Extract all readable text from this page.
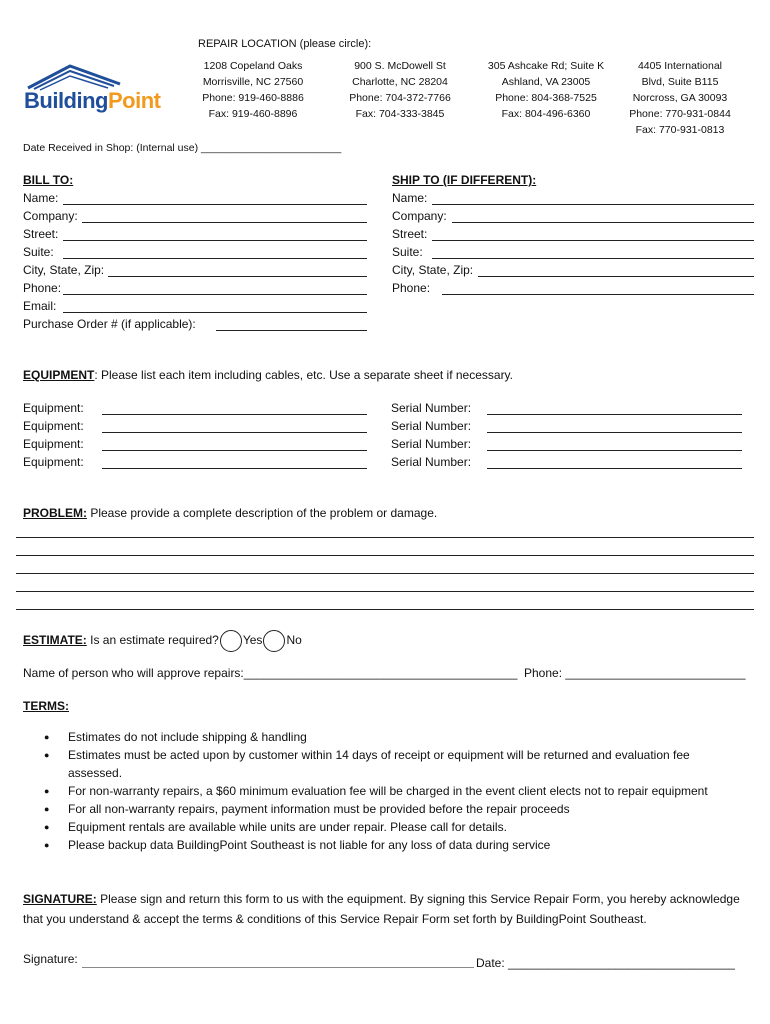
REPAIR LOCATION (please circle):
BuildingPoint
1208 Copeland Oaks
Morrisville, NC 27560
Phone: 919-460-8886
Fax: 919-460-8896
900 S. McDowell St
Charlotte, NC 28204
Phone: 704-372-7766
Fax: 704-333-3845
305 Ashcake Rd; Suite K
Ashland, VA 23005
Phone: 804-368-7525
Fax: 804-496-6360
4405 International
Blvd, Suite B115
Norcross, GA 30093
Phone: 770-931-0844
Fax: 770-931-0813
Date Received in Shop: (Internal use) ________________________
BILL TO:
Name:
Company:
Street:
Suite:
City, State, Zip:
Phone:
Email:
Purchase Order # (if applicable):
SHIP TO (IF DIFFERENT):
Name:
Company:
Street:
Suite:
City, State, Zip:
Phone:
EQUIPMENT: Please list each item including cables, etc. Use a separate sheet if necessary.
Equipment:
Equipment:
Equipment:
Equipment:
Serial Number:
Serial Number:
Serial Number:
Serial Number:
PROBLEM: Please provide a complete description of the problem or damage.
ESTIMATE: Is an estimate required? Yes No
Name of person who will approve repairs:_________________________________________ Phone: ___________________________
TERMS:
● Estimates do not include shipping & handling
● Estimates must be acted upon by customer within 14 days of receipt or equipment will be returned and evaluation fee assessed.
● For non-warranty repairs, a $60 minimum evaluation fee will be charged in the event client elects not to repair equipment
● For all non-warranty repairs, payment information must be provided before the repair proceeds
● Equipment rentals are available while units are under repair. Please call for details.
● Please backup data BuildingPoint Southeast is not liable for any loss of data during service
SIGNATURE: Please sign and return this form to us with the equipment. By signing this Service Repair Form, you hereby acknowledge that you understand & accept the terms & conditions of this Service Repair Form set forth by BuildingPoint Southeast.
Signature:	Date: __________________________________
